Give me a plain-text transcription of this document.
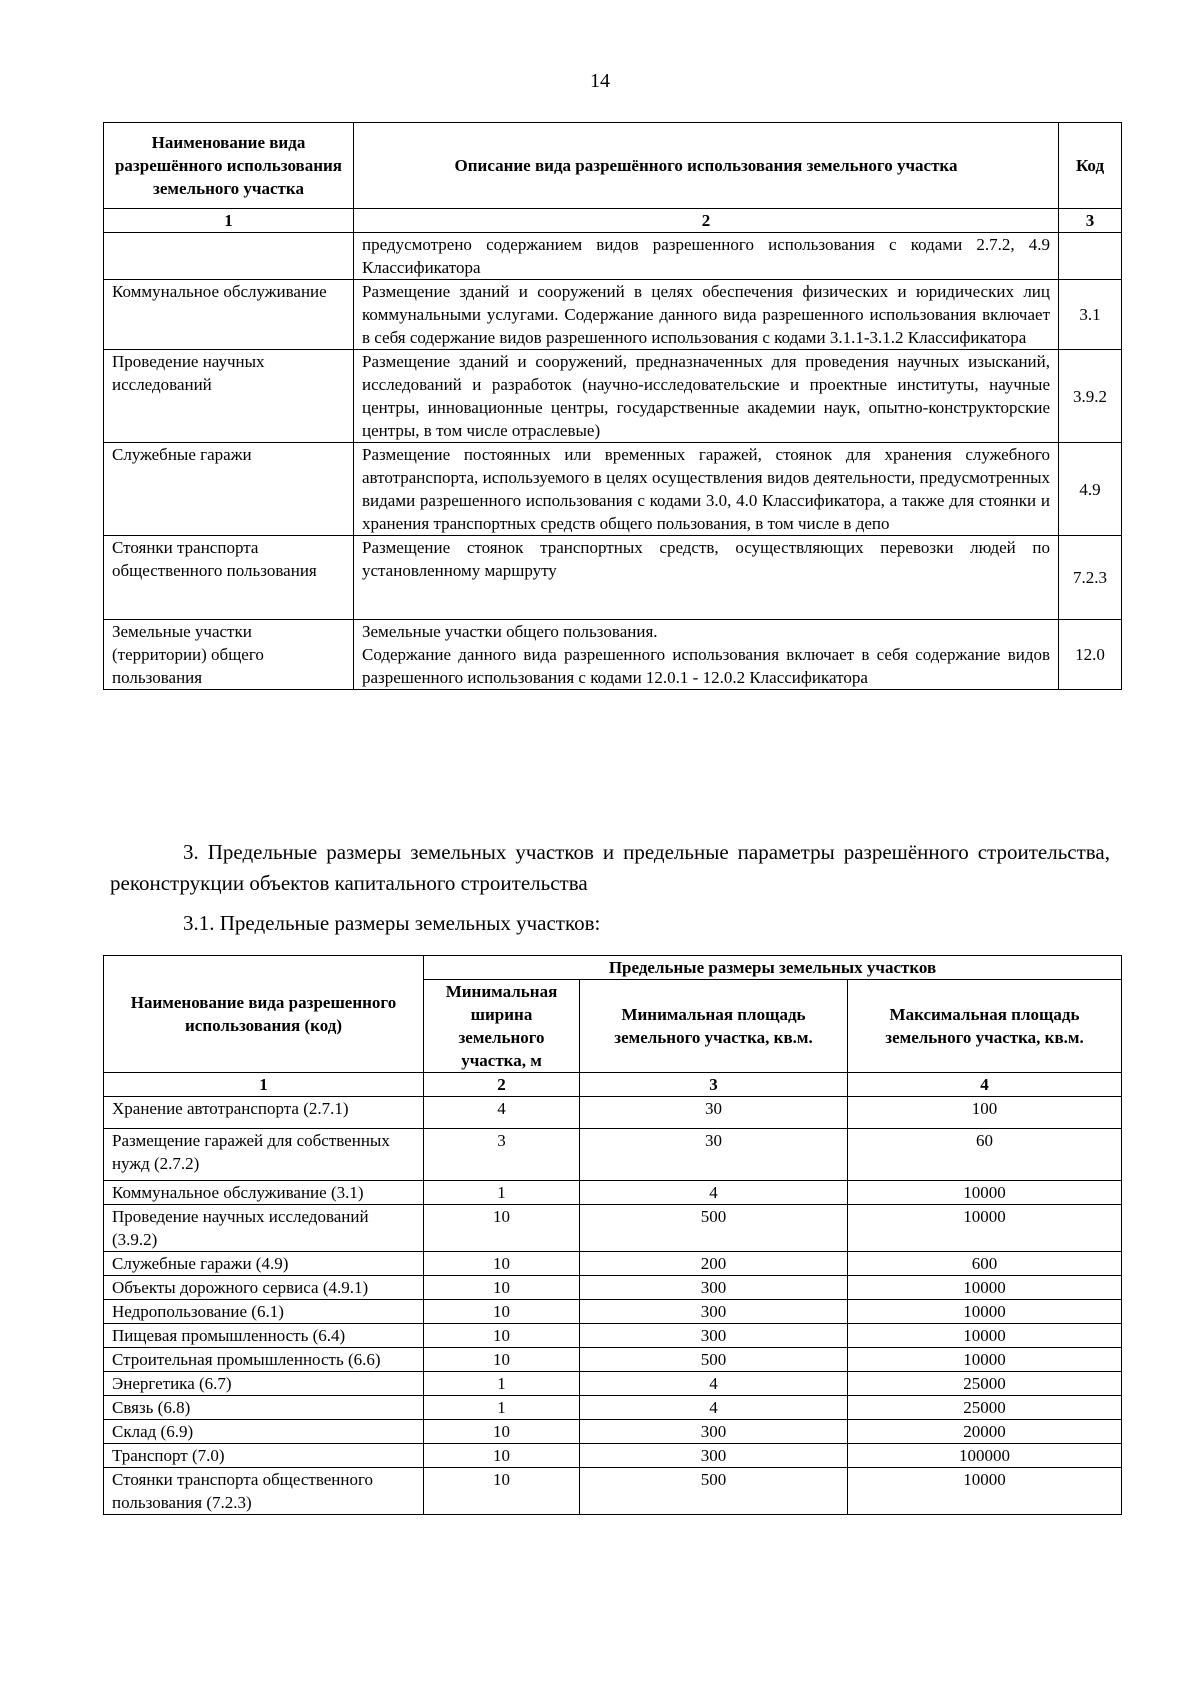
14
Наименование вида разрешённого использования земельного участка	Описание вида разрешённого использования земельного участка	Код
1	2	3

	предусмотрено содержанием видов разрешенного использования с кодами 2.7.2, 4.9 Классификатора	

Коммунальное обслуживание	Размещение зданий и сооружений в целях обеспечения физических и юридических лиц коммунальными услугами. Содержание данного вида разрешенного использования включает в себя содержание видов разрешенного использования с кодами 3.1.1-3.1.2 Классификатора	3.1
Проведение научных исследований	Размещение зданий и сооружений, предназначенных для проведения научных изысканий, исследований и разработок (научно-исследовательские и проектные институты, научные центры, инновационные центры, государственные академии наук, опытно-конструкторские центры, в том числе отраслевые)	3.9.2
Служебные гаражи	Размещение постоянных или временных гаражей, стоянок для хранения служебного автотранспорта, используемого в целях осуществления видов деятельности, предусмотренных видами разрешенного использования с кодами 3.0, 4.0 Классификатора, а также для стоянки и хранения транспортных средств общего пользования, в том числе в депо	4.9
Стоянки транспорта общественного пользования	Размещение стоянок транспортных средств, осуществляющих перевозки людей по установленному маршруту	7.2.3
Земельные участки (территории) общего пользования	Земельные участки общего пользования.
Содержание данного вида разрешенного использования включает в себя содержание видов разрешенного использования с кодами 12.0.1 - 12.0.2 Классификатора	12.0
3. Предельные размеры земельных участков и предельные параметры разрешённого строительства, реконструкции объектов капитального строительства
3.1. Предельные размеры земельных участков:
Наименование вида разрешенного использования (код)	Предельные размеры земельных участков		
	Минимальная ширина земельного участка, м	Минимальная площадь земельного участка, кв.м.	Максимальная площадь земельного участка, кв.м.
1	2	3	4
Хранение автотранспорта (2.7.1)	4	30	100
Размещение гаражей для собственных нужд (2.7.2)	3	30	60
Коммунальное обслуживание (3.1)	1	4	10000
Проведение научных исследований (3.9.2)	10	500	10000
Служебные гаражи (4.9)	10	200	600
Объекты дорожного сервиса (4.9.1)	10	300	10000
Недропользование (6.1)	10	300	10000
Пищевая промышленность (6.4)	10	300	10000
Строительная промышленность (6.6)	10	500	10000
Энергетика (6.7)	1	4	25000
Связь (6.8)	1	4	25000
Склад (6.9)	10	300	20000
Транспорт (7.0)	10	300	100000
Стоянки транспорта общественного пользования (7.2.3)	10	500	10000
